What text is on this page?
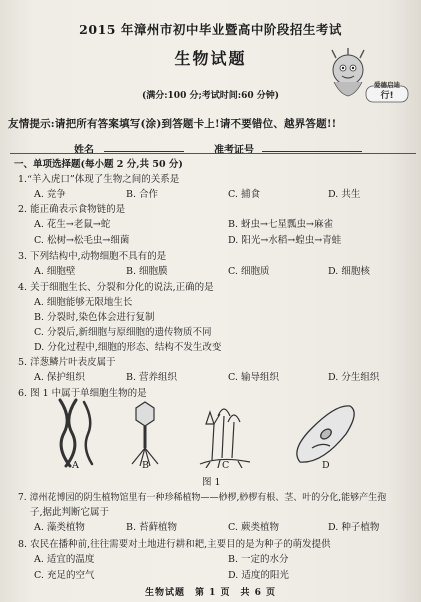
2015 年漳州市初中毕业暨高中阶段招生考试
生物试题
行!
爱德启迪
(满分:100 分;考试时间:60 分钟)
友情提示:请把所有答案填写(涂)到答题卡上!请不要错位、越界答题!!
姓名	准考证号
一、单项选择题(每小题 2 分,共 50 分)
1.“羊入虎口”体现了生物之间的关系是
A. 竞争	B. 合作	C. 捕食	D. 共生
2. 能正确表示食物链的是
A. 花生→老鼠→蛇	B. 蚜虫→七星瓢虫→麻雀
C. 松树→松毛虫→细菌	D. 阳光→水稻→蝗虫→青蛙
3. 下列结构中,动物细胞不具有的是
A. 细胞壁	B. 细胞膜	C. 细胞质	D. 细胞核
4. 关于细胞生长、分裂和分化的说法,正确的是
A. 细胞能够无限地生长
B. 分裂时,染色体会进行复制
C. 分裂后,新细胞与原细胞的遗传物质不同
D. 分化过程中,细胞的形态、结构不发生改变
5. 洋葱鳞片叶表皮属于
A. 保护组织	B. 营养组织	C. 输导组织	D. 分生组织
6. 图 1 中属于单细胞生物的是
A	B	C	D
图 1
7. 漳州花博园的阴生植物馆里有一种珍稀植物——桫椤,桫椤有根、茎、叶的分化,能够产生孢
子,据此判断它属于
A. 藻类植物	B. 苔藓植物	C. 蕨类植物	D. 种子植物
8. 农民在播种前,往往需要对土地进行耕和耙,主要目的是为种子的萌发提供
A. 适宜的温度	B. 一定的水分
C. 充足的空气	D. 适度的阳光
生物试题　第 1 页　共 6 页
